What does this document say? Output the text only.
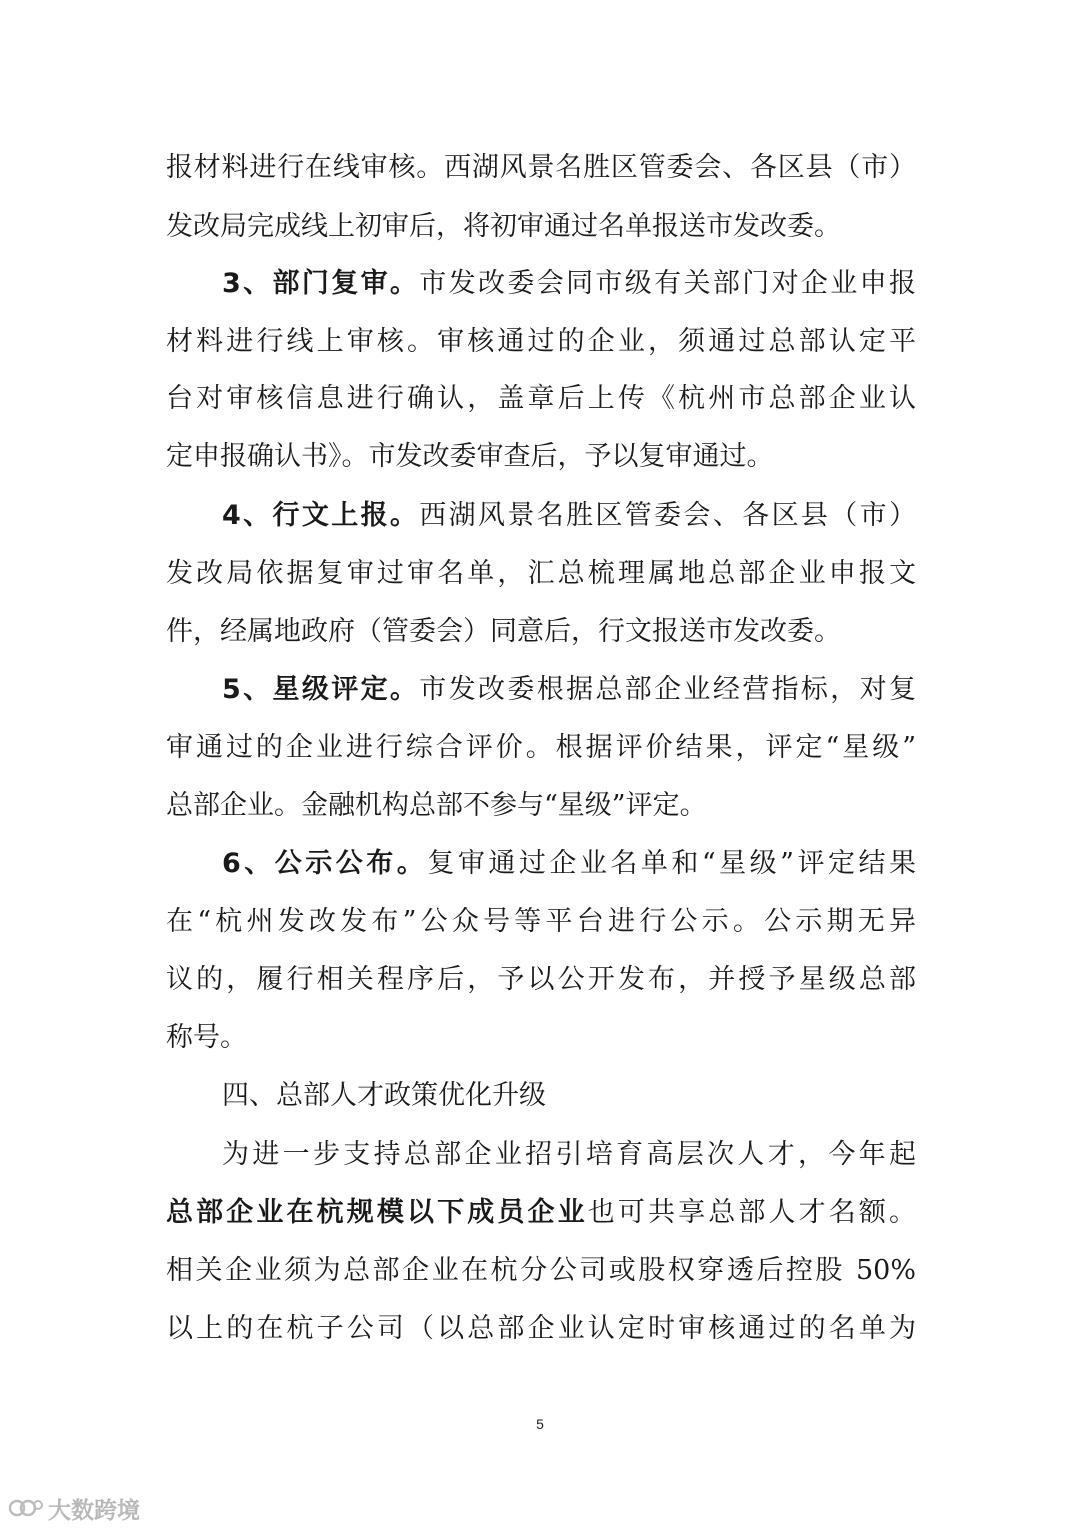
报材料进行在线审核。西湖风景名胜区管委会、各区县（市）
发改局完成线上初审后，将初审通过名单报送市发改委。
3、部门复审。市发改委会同市级有关部门对企业申报
材料进行线上审核。审核通过的企业，须通过总部认定平
台对审核信息进行确认，盖章后上传《杭州市总部企业认
定申报确认书》。市发改委审查后，予以复审通过。
4、行文上报。西湖风景名胜区管委会、各区县（市）
发改局依据复审过审名单，汇总梳理属地总部企业申报文
件，经属地政府（管委会）同意后，行文报送市发改委。
5、星级评定。市发改委根据总部企业经营指标，对复
审通过的企业进行综合评价。根据评价结果，评定“星级”
总部企业。金融机构总部不参与“星级”评定。
6、公示公布。复审通过企业名单和“星级”评定结果
在“杭州发改发布”公众号等平台进行公示。公示期无异
议的，履行相关程序后，予以公开发布，并授予星级总部
称号。
四、总部人才政策优化升级
为进一步支持总部企业招引培育高层次人才，今年起
总部企业在杭规模以下成员企业也可共享总部人才名额。
相关企业须为总部企业在杭分公司或股权穿透后控股 50%
以上的在杭子公司（以总部企业认定时审核通过的名单为
5
大数跨境
